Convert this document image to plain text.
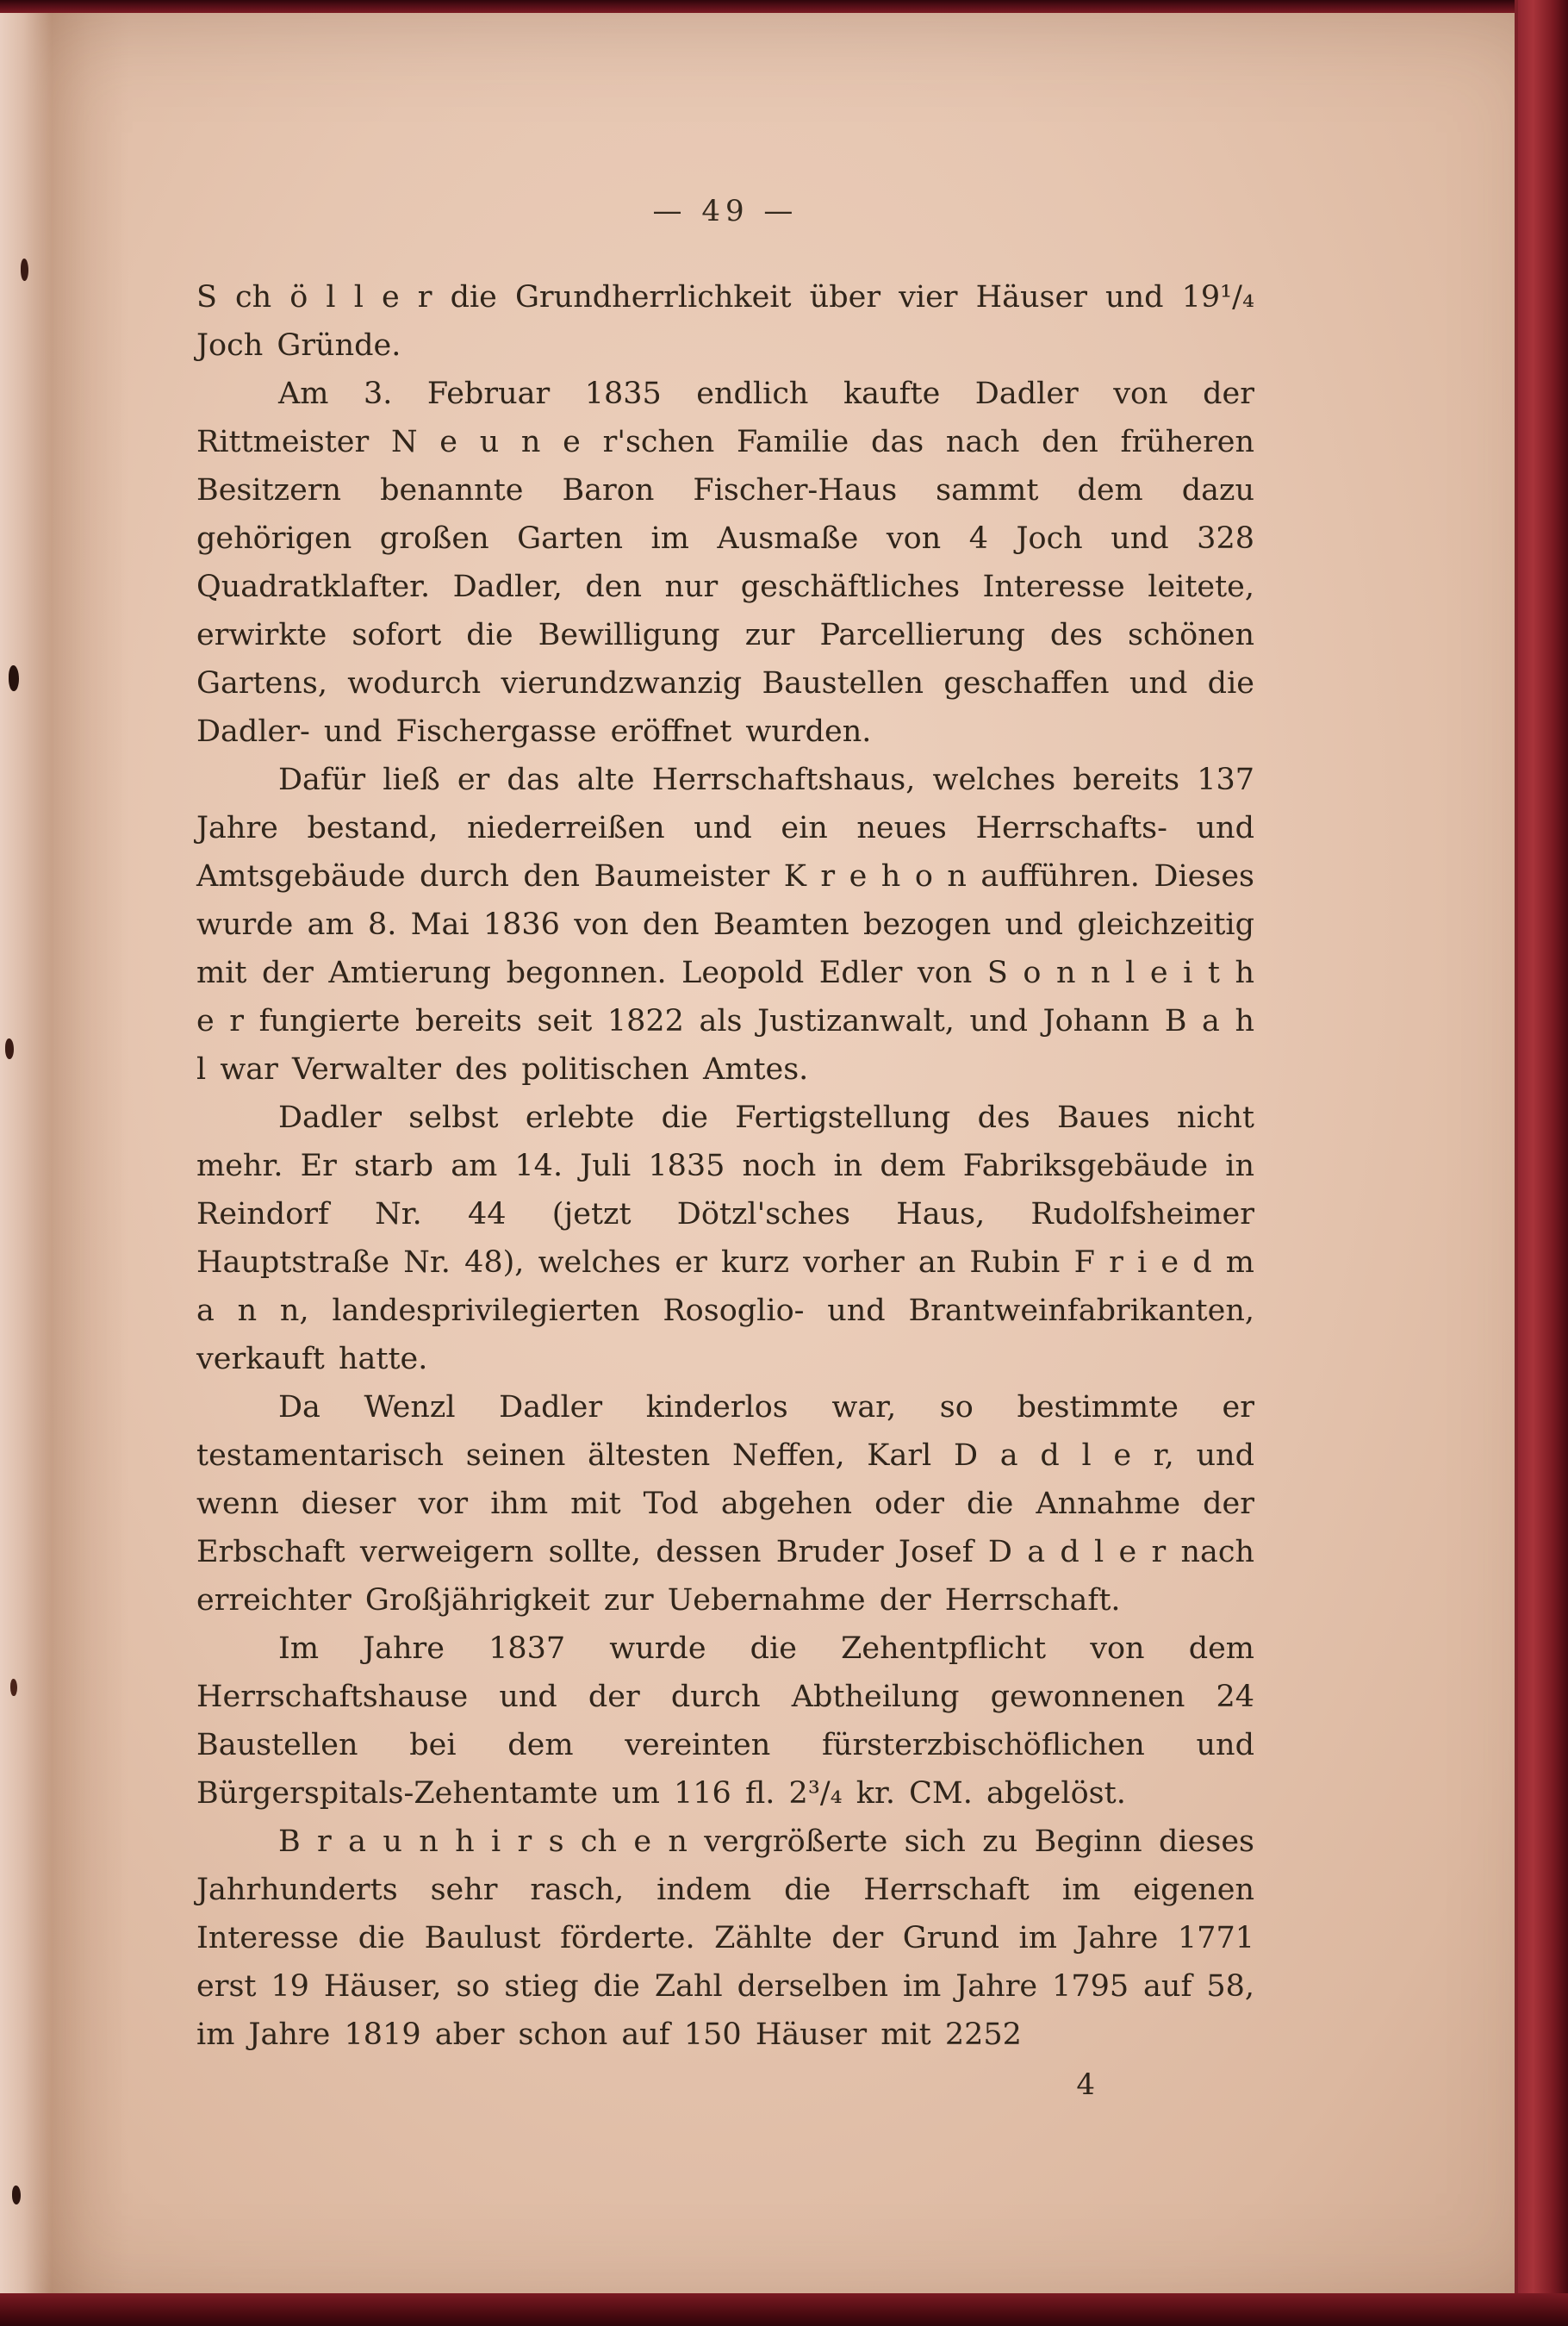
— 49 —

S ch ö l l e r die Grundherrlichkeit über vier Häuser und 19¹/₄ Joch Gründe.

Am 3. Februar 1835 endlich kaufte Dadler von der Rittmeister N e u n e r'schen Familie das nach den früheren Besitzern benannte Baron Fischer-Haus sammt dem dazu gehörigen großen Garten im Ausmaße von 4 Joch und 328 Quadratklafter. Dadler, den nur geschäftliches Interesse leitete, erwirkte sofort die Bewilligung zur Parcellierung des schönen Gartens, wodurch vierundzwanzig Baustellen geschaffen und die Dadler- und Fischergasse eröffnet wurden.

Dafür ließ er das alte Herrschaftshaus, welches bereits 137 Jahre bestand, niederreißen und ein neues Herrschafts- und Amtsgebäude durch den Baumeister K r e h o n aufführen. Dieses wurde am 8. Mai 1836 von den Beamten bezogen und gleichzeitig mit der Amtierung begonnen. Leopold Edler von S o n n l e i t h e r fungierte bereits seit 1822 als Justizanwalt, und Johann B a h l war Verwalter des politischen Amtes.

Dadler selbst erlebte die Fertigstellung des Baues nicht mehr. Er starb am 14. Juli 1835 noch in dem Fabriksgebäude in Reindorf Nr. 44 (jetzt Dötzl'sches Haus, Rudolfsheimer Hauptstraße Nr. 48), welches er kurz vorher an Rubin F r i e d m a n n, landesprivilegierten Rosoglio- und Brantweinfabrikanten, verkauft hatte.

Da Wenzl Dadler kinderlos war, so bestimmte er testamentarisch seinen ältesten Neffen, Karl D a d l e r, und wenn dieser vor ihm mit Tod abgehen oder die Annahme der Erbschaft verweigern sollte, dessen Bruder Josef D a d l e r nach erreichter Großjährigkeit zur Uebernahme der Herrschaft.

Im Jahre 1837 wurde die Zehentpflicht von dem Herrschaftshause und der durch Abtheilung gewonnenen 24 Baustellen bei dem vereinten fürsterzbischöflichen und Bürgerspitals-Zehentamte um 116 fl. 2³/₄ kr. CM. abgelöst.

B r a u n h i r s ch e n vergrößerte sich zu Beginn dieses Jahrhunderts sehr rasch, indem die Herrschaft im eigenen Interesse die Baulust förderte. Zählte der Grund im Jahre 1771 erst 19 Häuser, so stieg die Zahl derselben im Jahre 1795 auf 58, im Jahre 1819 aber schon auf 150 Häuser mit 2252

4
